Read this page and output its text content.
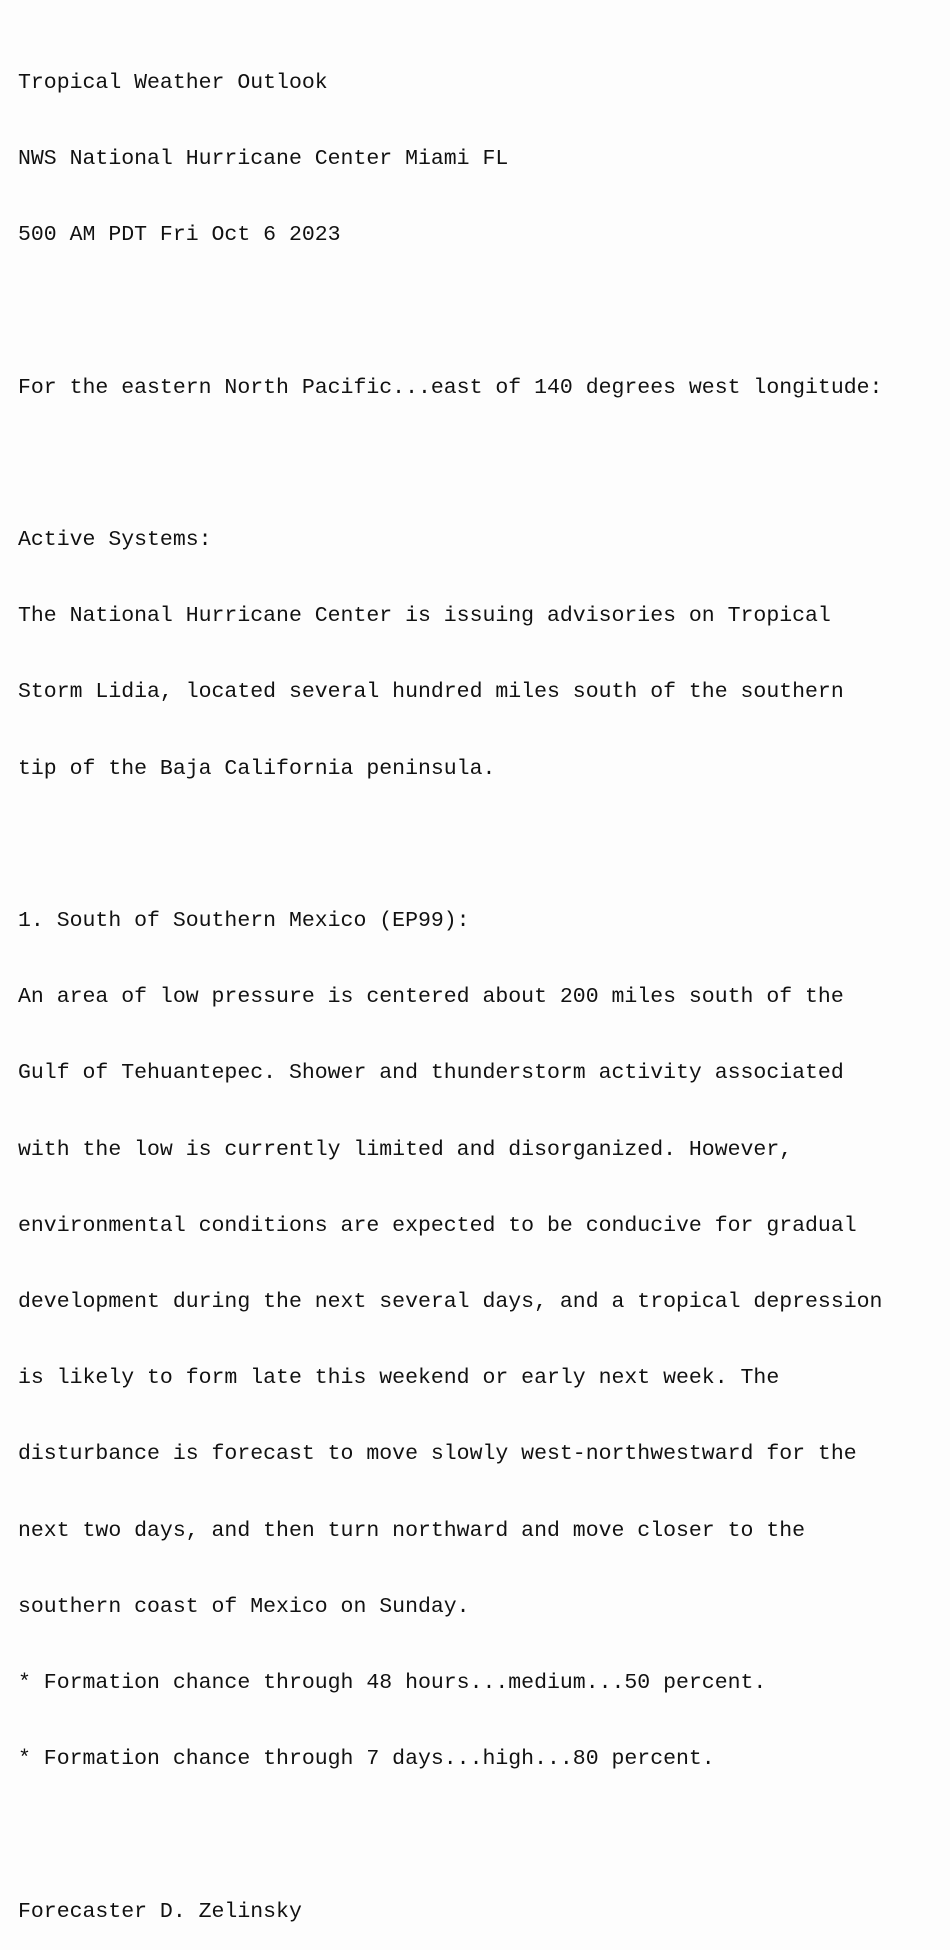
Tropical Weather Outlook

NWS National Hurricane Center Miami FL

500 AM PDT Fri Oct 6 2023

For the eastern North Pacific...east of 140 degrees west longitude:

Active Systems:

The National Hurricane Center is issuing advisories on Tropical

Storm Lidia, located several hundred miles south of the southern

tip of the Baja California peninsula.

1. South of Southern Mexico (EP99):

An area of low pressure is centered about 200 miles south of the

Gulf of Tehuantepec. Shower and thunderstorm activity associated

with the low is currently limited and disorganized. However,

environmental conditions are expected to be conducive for gradual

development during the next several days, and a tropical depression

is likely to form late this weekend or early next week. The

disturbance is forecast to move slowly west-northwestward for the

next two days, and then turn northward and move closer to the

southern coast of Mexico on Sunday.

* Formation chance through 48 hours...medium...50 percent.

* Formation chance through 7 days...high...80 percent.

Forecaster D. Zelinsky
